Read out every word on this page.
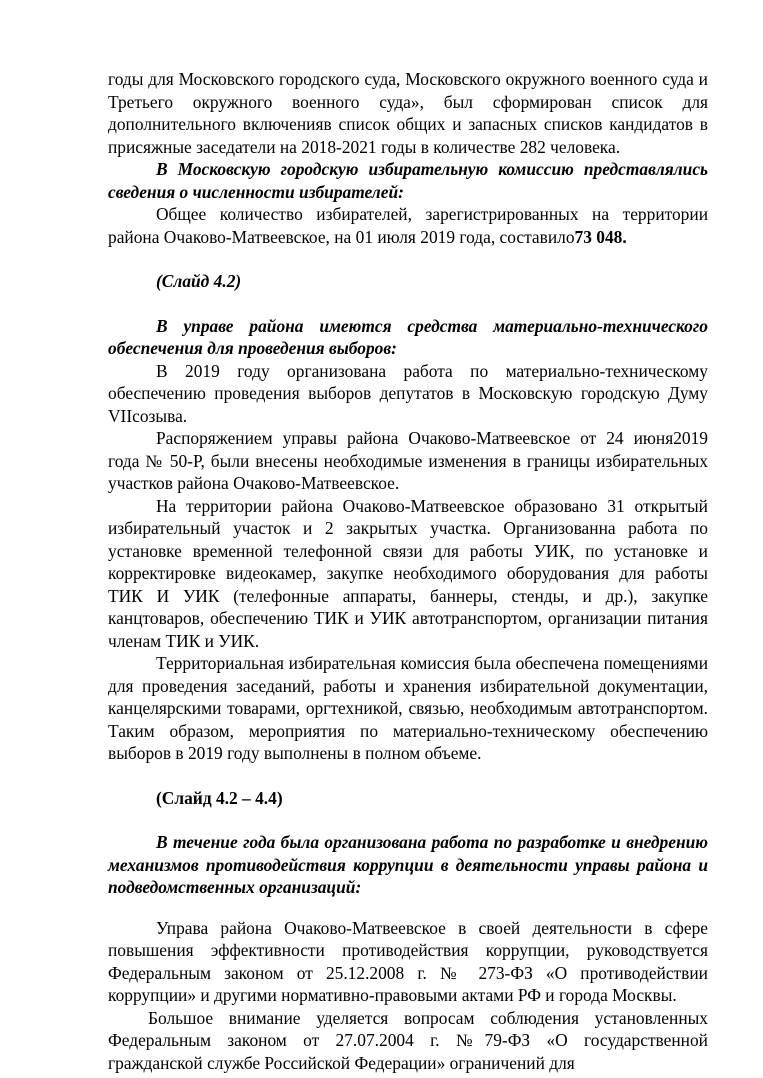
годы для Московского городского суда, Московского окружного военного суда и Третьего окружного военного суда», был сформирован список для дополнительного включенияв список общих и запасных списков кандидатов в присяжные заседатели на 2018-2021 годы в количестве 282 человека.

В Московскую городскую избирательную комиссию представлялись сведения о численности избирателей:

Общее количество избирателей, зарегистрированных на территории района Очаково-Матвеевское, на 01 июля 2019 года, составило73 048.

(Слайд 4.2)

В управе района имеются средства материально-технического обеспечения для проведения выборов:

В 2019 году организована работа по материально-техническому обеспечению проведения выборов депутатов в Московскую городскую Думу VIIсозыва.

Распоряжением управы района Очаково-Матвеевское от 24 июня2019 года № 50-Р, были внесены необходимые изменения в границы избирательных участков района Очаково-Матвеевское.

На территории района Очаково-Матвеевское образовано 31 открытый избирательный участок и 2 закрытых участка. Организованна работа по установке временной телефонной связи для работы УИК, по установке и корректировке видеокамер, закупке необходимого оборудования для работы ТИК И УИК (телефонные аппараты, баннеры, стенды, и др.), закупке канцтоваров, обеспечению ТИК и УИК автотранспортом, организации питания членам ТИК и УИК.

Территориальная избирательная комиссия была обеспечена помещениями для проведения заседаний, работы и хранения избирательной документации, канцелярскими товарами, оргтехникой, связью, необходимым автотранспортом. Таким образом, мероприятия по материально-техническому обеспечению выборов в 2019 году выполнены в полном объеме.

(Слайд 4.2 – 4.4)

В течение года была организована работа по разработке и внедрению механизмов противодействия коррупции в деятельности управы района и подведомственных организаций:

Управа района Очаково-Матвеевское в своей деятельности в сфере повышения эффективности противодействия коррупции, руководствуется Федеральным законом от 25.12.2008 г. № 273-ФЗ «О противодействии коррупции» и другими нормативно-правовыми актами РФ и города Москвы.

Большое внимание уделяется вопросам соблюдения установленных Федеральным законом от 27.07.2004 г. №79-ФЗ «О государственной гражданской службе Российской Федерации» ограничений для
